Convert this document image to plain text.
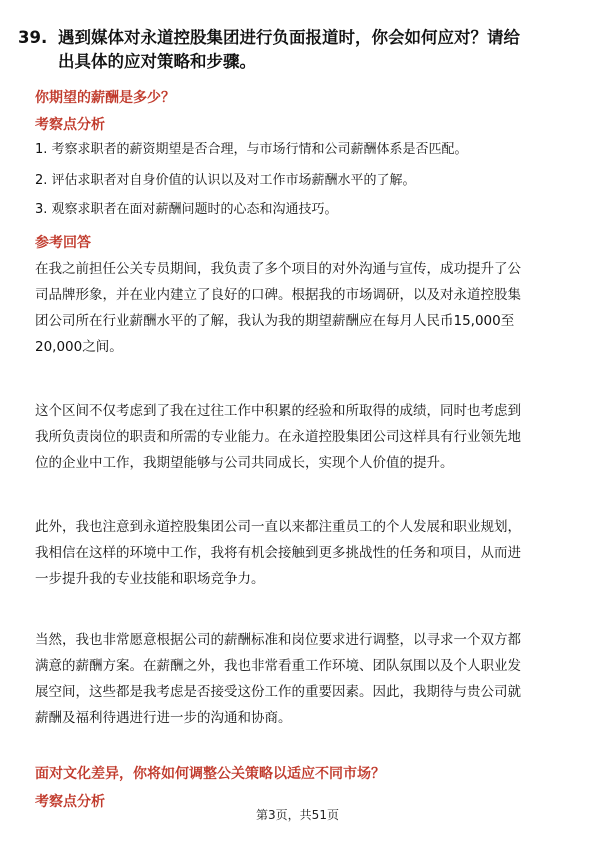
39. 遇到媒体对永道控股集团进行负面报道时，你会如何应对？请给
出具体的应对策略和步骤。
你期望的薪酬是多少？
考察点分析
1. 考察求职者的薪资期望是否合理，与市场行情和公司薪酬体系是否匹配。
2. 评估求职者对自身价值的认识以及对工作市场薪酬水平的了解。
3. 观察求职者在面对薪酬问题时的心态和沟通技巧。
参考回答
在我之前担任公关专员期间，我负责了多个项目的对外沟通与宣传，成功提升了公
司品牌形象，并在业内建立了良好的口碑。根据我的市场调研，以及对永道控股集
团公司所在行业薪酬水平的了解，我认为我的期望薪酬应在每月人民币15,000至
20,000之间。
这个区间不仅考虑到了我在过往工作中积累的经验和所取得的成绩，同时也考虑到
我所负责岗位的职责和所需的专业能力。在永道控股集团公司这样具有行业领先地
位的企业中工作，我期望能够与公司共同成长，实现个人价值的提升。
此外，我也注意到永道控股集团公司一直以来都注重员工的个人发展和职业规划，
我相信在这样的环境中工作，我将有机会接触到更多挑战性的任务和项目，从而进
一步提升我的专业技能和职场竞争力。
当然，我也非常愿意根据公司的薪酬标准和岗位要求进行调整，以寻求一个双方都
满意的薪酬方案。在薪酬之外，我也非常看重工作环境、团队氛围以及个人职业发
展空间，这些都是我考虑是否接受这份工作的重要因素。因此，我期待与贵公司就
薪酬及福利待遇进行进一步的沟通和协商。
面对文化差异，你将如何调整公关策略以适应不同市场？
考察点分析
第3页，共51页
